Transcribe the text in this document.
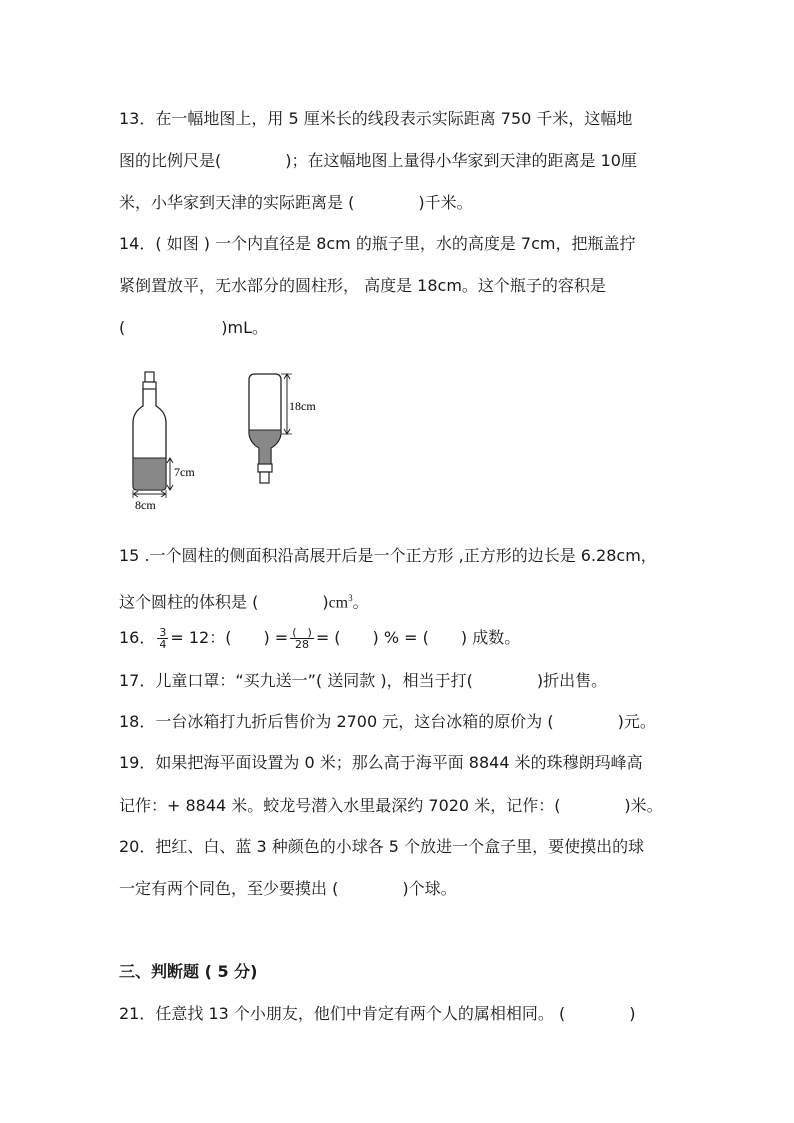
13．在一幅地图上，用 5 厘米长的线段表示实际距离 750 千米，这幅地
图的比例尺是(　　　　)；在这幅地图上量得小华家到天津的距离是 10厘
米，小华家到天津的实际距离是 (　　　　)千米。
14．( 如图 ) 一个内直径是 8cm 的瓶子里，水的高度是 7cm，把瓶盖拧
紧倒置放平，无水部分的圆柱形， 高度是 18cm。这个瓶子的容积是
(　　　　　　)mL。
7cm
8cm
18cm
15 .一个圆柱的侧面积沿高展开后是一个正方形 ,正方形的边长是 6.28cm，
这个圆柱的体积是 (　　　　)$cm^3$。
16． $\frac{3}{4} = 12$：(　　) = $\frac{( )}{28}$ = (　　) % = (　　) 成数。
17．儿童口罩：“买九送一”( 送同款 )，相当于打(　　　　)折出售。
18．一台冰箱打九折后售价为 2700 元，这台冰箱的原价为 (　　　　)元。
19．如果把海平面设置为 0 米；那么高于海平面 8844 米的珠穆朗玛峰高
记作：+ 8844 米。蛟龙号潜入水里最深约 7020 米，记作：(　　　　)米。
20．把红、白、蓝 3 种颜色的小球各 5 个放进一个盒子里，要使摸出的球
一定有两个同色，至少要摸出 (　　　　)个球。
三、判断题 ( 5 分)
21．任意找 13 个小朋友，他们中肯定有两个人的属相相同。 (　　　　)
